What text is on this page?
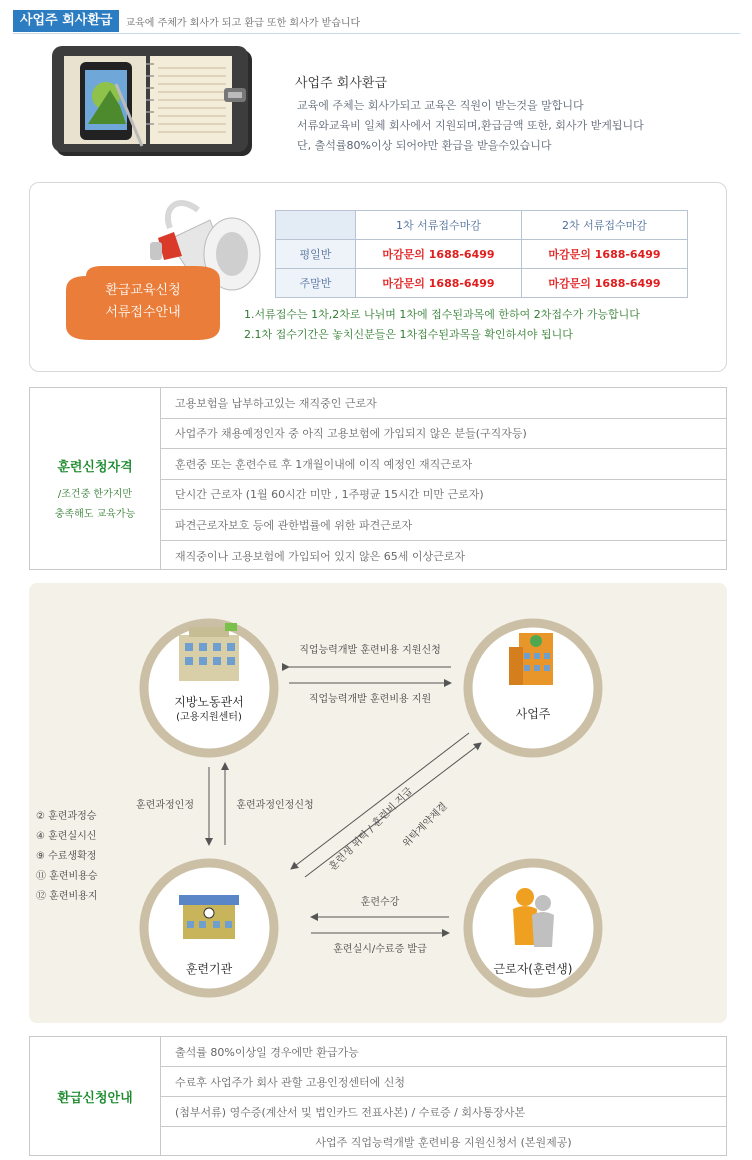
사업주 회사환급	교육에 주체가 회사가 되고 환급 또한 회사가 받습니다
사업주 회사환급
교육에 주체는 회사가되고 교육은 직원이 받는것을 말합니다
서류와교육비 일체 회사에서 지원되며,환급금액 또한, 회사가 받게됩니다
단, 출석률80%이상 되어야만 환급을 받을수있습니다
환급교육신청
서류접수안내
	1차 서류접수마감	2차 서류접수마감
평일반	마감문의 1688-6499	마감문의 1688-6499
주말반	마감문의 1688-6499	마감문의 1688-6499
1.서류접수는 1차,2차로 나뉘며 1차에 접수된과목에 한하여 2차접수가 가능합니다
2.1차 접수기간은 놓치신분들은 1차접수된과목을 확인하셔야 됩니다
훈련신청자격
/조건중 한가지만
충족해도 교육가능
고용보험을 납부하고있는 재직중인 근로자
사업주가 채용예정인자 중 아직 고용보험에 가입되지 않은 분들(구직자등)
훈련중 또는 훈련수료 후 1개월이내에 이직 예정인 재직근로자
단시간 근로자 (1월 60시간 미만 , 1주평균 15시간 미만 근로자)
파견근로자보호 등에 관한법률에 위한 파견근로자
재직중이나 고용보험에 가입되어 있지 않은 65세 이상근로자
지방노동관서
(고용지원센터)	사업주
훈련기관	근로자(훈련생)
직업능력개발 훈련비용 지원신청
직업능력개발 훈련비용 지원
훈련과정인정	훈련과정인정신청 훈련생 위탁 / 훈련비 지급
위탁계약체결
훈련수강
훈련실시/수료증 발급
② 훈련과정승
④ 훈련실시신
⑨ 수료생확정
⑪ 훈련비용승
⑫ 훈련비용지
환급신청안내
출석률 80%이상일 경우에만 환급가능
수료후 사업주가 회사 관할 고용인정센터에 신청
(첨부서류) 영수증(계산서 및 법인카드 전표사본) / 수료증 / 회사통장사본
사업주 직업능력개발 훈련비용 지원신청서 (본원제공)
